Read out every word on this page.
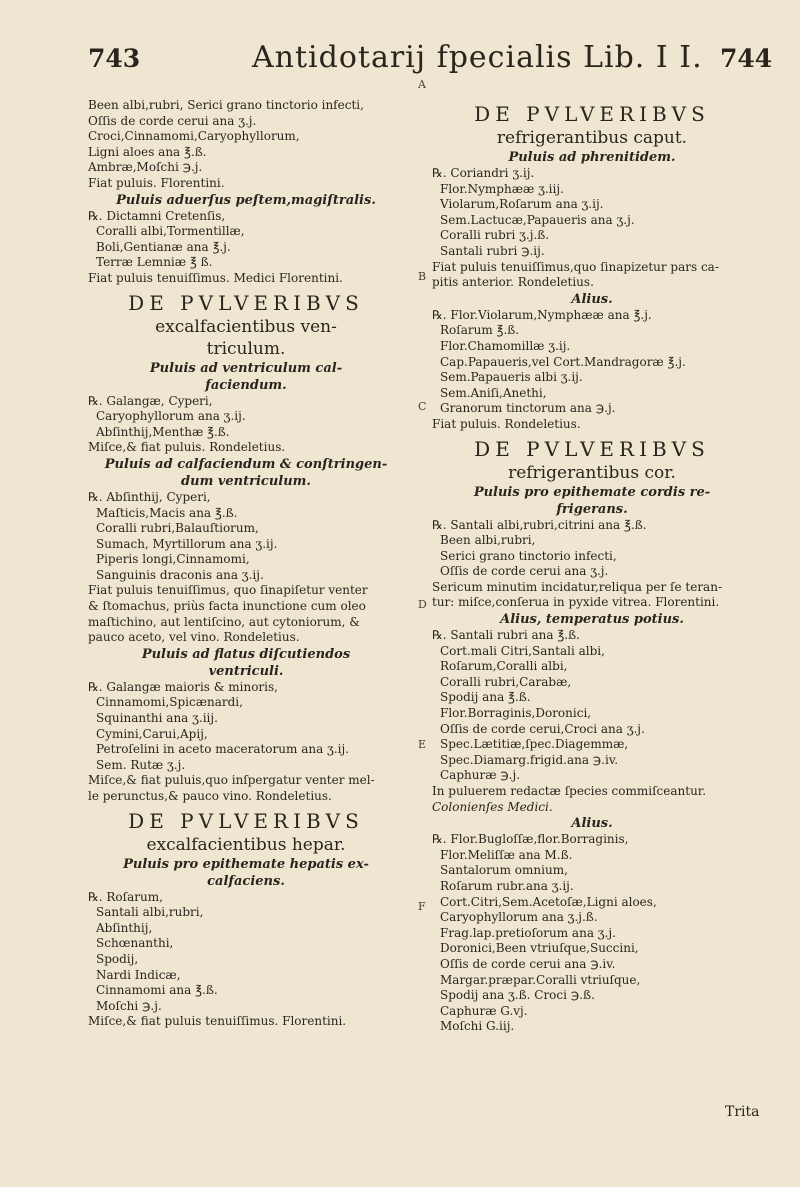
743	Antidotarij fpecialis Lib. I I. 744
A
B
C
D
E
F
Been albi,rubri, Serici grano tinctorio infecti,
Oſſis de corde cerui ana ʒ.j.
Croci,Cinnamomi,Caryophyllorum,
Ligni aloes ana ℥.ß.
Ambræ,Moſchi ℈.j.
Fiat puluis. Florentini.
Puluis aduerſus peſtem,magiſtralis.
℞. Dictamni Cretenſis,
Coralli albi,Tormentillæ,
Boli,Gentianæ ana ℥.j.
Terræ Lemniæ ℥ ß.
Fiat puluis tenuiſſimus. Medici Florentini.
DE PVLVERIBVS
excalfacientibus ven-
triculum.
Puluis ad ventriculum cal-
faciendum.
℞. Galangæ, Cyperi,
Caryophyllorum ana ʒ.ij.
Abſinthij,Menthæ ℥.ß.
Miſce,& fiat puluis. Rondeletius.
Puluis ad calfaciendum & conſtringen-
dum ventriculum.
℞. Abſinthij, Cyperi,
Maſticis,Macis ana ℥.ß.
Coralli rubri,Balauſtiorum,
Sumach, Myrtillorum ana ʒ.ij.
Piperis longi,Cinnamomi,
Sanguinis draconis ana ʒ.ij.
Fiat puluis tenuiſſimus, quo ſinapiſetur venter
& ſtomachus, priùs facta inunctione cum oleo
maſtichino, aut lentiſcino, aut cytoniorum, &
pauco aceto, vel vino. Rondeletius.
Puluis ad flatus diſcutiendos
ventriculi.
℞. Galangæ maioris & minoris,
Cinnamomi,Spicænardi,
Squinanthi ana ʒ.iij.
Cymini,Carui,Apij,
Petroſelini in aceto maceratorum ana ʒ.ij.
Sem. Rutæ ʒ.j.
Miſce,& fiat puluis,quo inſpergatur venter mel-
le perunctus,& pauco vino. Rondeletius.
DE PVLVERIBVS
excalfacientibus hepar.
Puluis pro epithemate hepatis ex-
calfaciens.
℞. Roſarum,
Santali albi,rubri,
Abſinthij,
Schœnanthi,
Spodij,
Nardi Indicæ,
Cinnamomi ana ℥.ß.
Moſchi ℈.j.
Miſce,& fiat puluis tenuiſſimus. Florentini.
DE PVLVERIBVS
refrigerantibus caput.
Puluis ad phrenitidem.
℞. Coriandri ʒ.ij.
Flor.Nymphææ ʒ.iij.
Violarum,Roſarum ana ʒ.ij.
Sem.Lactucæ,Papaueris ana ʒ.j.
Coralli rubri ʒ.j.ß.
Santali rubri ℈.ij.
Fiat puluis tenuiſſimus,quo ſinapizetur pars ca-
pitis anterior. Rondeletius.
Alius.
℞. Flor.Violarum,Nymphææ ana ℥.j.
Roſarum ℥.ß.
Flor.Chamomillæ ʒ.ij.
Cap.Papaueris,vel Cort.Mandragoræ ℥.j.
Sem.Papaueris albi ʒ.ij.
Sem.Aniſi,Anethi,
Granorum tinctorum ana ℈.j.
Fiat puluis. Rondeletius.
DE PVLVERIBVS
refrigerantibus cor.
Puluis pro epithemate cordis re-
frigerans.
℞. Santali albi,rubri,citrini ana ℥.ß.
Been albi,rubri,
Serici grano tinctorio infecti,
Oſſis de corde cerui ana ʒ.j.
Sericum minutim incidatur,reliqua per ſe teran-
tur: miſce,conſerua in pyxide vitrea. Florentini.
Alius, temperatus potius.
℞. Santali rubri ana ℥.ß.
Cort.mali Citri,Santali albi,
Roſarum,Coralli albi,
Coralli rubri,Carabæ,
Spodij ana ℥.ß.
Flor.Borraginis,Doronici,
Oſſis de corde cerui,Croci ana ʒ.j.
Spec.Lætitiæ,ſpec.Diagemmæ,
Spec.Diamarg.frigid.ana ℈.iv.
Caphuræ ℈.j.
In puluerem redactæ ſpecies commiſceantur.
Colonienſes Medici.
Alius.
℞. Flor.Bugloſſæ,flor.Borraginis,
Flor.Meliſſæ ana M.ß.
Santalorum omnium,
Roſarum rubr.ana ʒ.ij.
Cort.Citri,Sem.Acetoſæ,Ligni aloes,
Caryophyllorum ana ʒ.j.ß.
Frag.lap.pretioſorum ana ʒ.j.
Doronici,Been vtriuſque,Succini,
Oſſis de corde cerui ana ℈.iv.
Margar.præpar.Coralli vtriuſque,
Spodij ana ʒ.ß. Croci ℈.ß.
Caphuræ G.vj.
Moſchi G.iij.
Trita
